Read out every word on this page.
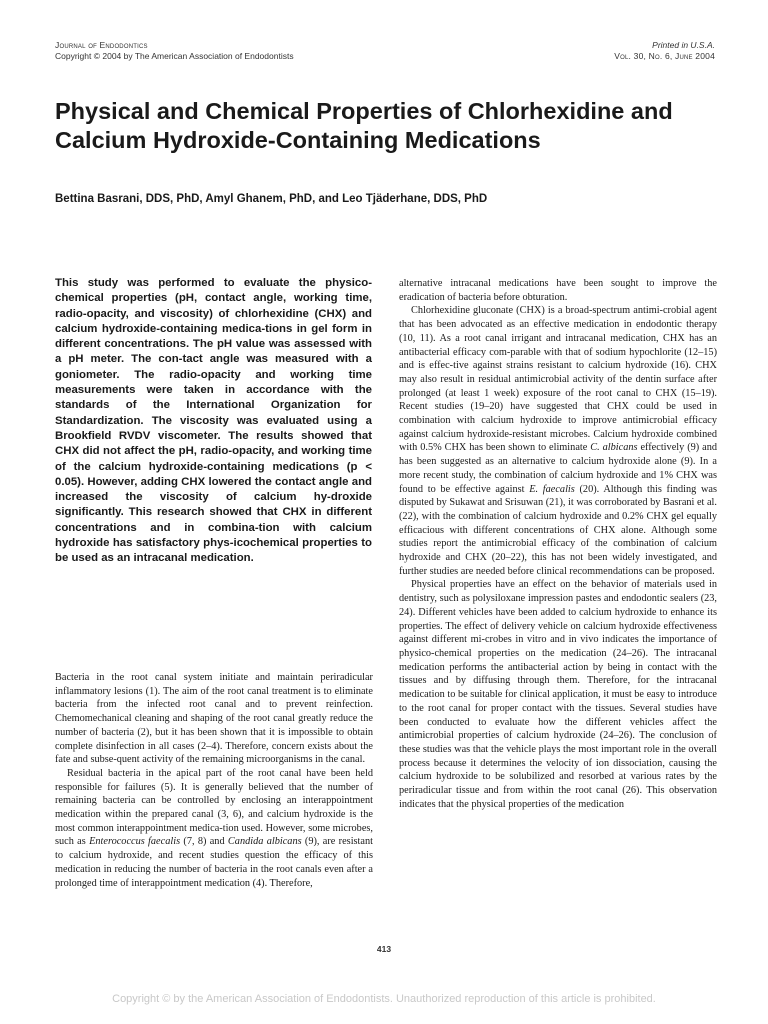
Journal of Endodontics
Copyright © 2004 by The American Association of Endodontists
Printed in U.S.A.
Vol. 30, No. 6, June 2004
Physical and Chemical Properties of Chlorhexidine and Calcium Hydroxide-Containing Medications
Bettina Basrani, DDS, PhD, Amyl Ghanem, PhD, and Leo Tjäderhane, DDS, PhD

This study was performed to evaluate the physico-chemical properties (pH, contact angle, working time, radio-opacity, and viscosity) of chlorhexidine (CHX) and calcium hydroxide-containing medica-tions in gel form in different concentrations. The pH value was assessed with a pH meter. The con-tact angle was measured with a goniometer. The radio-opacity and working time measurements were taken in accordance with the standards of the International Organization for Standardization. The viscosity was evaluated using a Brookfield RVDV viscometer. The results showed that CHX did not affect the pH, radio-opacity, and working time of the calcium hydroxide-containing medications (p < 0.05). However, adding CHX lowered the contact angle and increased the viscosity of calcium hy-droxide significantly. This research showed that CHX in different concentrations and in combina-tion with calcium hydroxide has satisfactory phys-icochemical properties to be used as an intracanal medication.

Bacteria in the root canal system initiate and maintain periradicular inflammatory lesions (1). The aim of the root canal treatment is to eliminate bacteria from the infected root canal and to prevent reinfection. Chemomechanical cleaning and shaping of the root canal greatly reduce the number of bacteria (2), but it has been shown that it is impossible to obtain complete disinfection in all cases (2–4). Therefore, concern exists about the fate and subse-quent activity of the remaining microorganisms in the canal.

Residual bacteria in the apical part of the root canal have been held responsible for failures (5). It is generally believed that the number of remaining bacteria can be controlled by enclosing an interappointment medication within the prepared canal (3, 6), and calcium hydroxide is the most common interappointment medica-tion used. However, some microbes, such as Enterococcus faecalis (7, 8) and Candida albicans (9), are resistant to calcium hydroxide, and recent studies question the efficacy of this medication in reducing the number of bacteria in the root canals even after a prolonged time of interappointment medication (4). Therefore,

alternative intracanal medications have been sought to improve the eradication of bacteria before obturation.

Chlorhexidine gluconate (CHX) is a broad-spectrum antimi-crobial agent that has been advocated as an effective medication in endodontic therapy (10, 11). As a root canal irrigant and intracanal medication, CHX has an antibacterial efficacy com-parable with that of sodium hypochlorite (12–15) and is effec-tive against strains resistant to calcium hydroxide (16). CHX may also result in residual antimicrobial activity of the dentin surface after prolonged (at least 1 week) exposure of the root canal to CHX (15–19). Recent studies (19–20) have suggested that CHX could be used in combination with calcium hydroxide to improve antimicrobial efficacy against calcium hydroxide-resistant microbes. Calcium hydroxide combined with 0.5% CHX has been shown to eliminate C. albicans effectively (9) and has been suggested as an alternative to calcium hydroxide alone (9). In a more recent study, the combination of calcium hydroxide and 1% CHX was found to be effective against E. faecalis (20). Although this finding was disputed by Sukawat and Srisuwan (21), it was corroborated by Basrani et al. (22), with the combination of calcium hydroxide and 0.2% CHX gel equally efficacious with different concentrations of CHX alone. Although some studies report the antimicrobial efficacy of the combination of calcium hydroxide and CHX (20–22), this has not been widely investigated, and further studies are needed before clinical recommendations can be proposed.

Physical properties have an effect on the behavior of materials used in dentistry, such as polysiloxane impression pastes and endodontic sealers (23, 24). Different vehicles have been added to calcium hydroxide to enhance its properties. The effect of delivery vehicle on calcium hydroxide effectiveness against different mi-crobes in vitro and in vivo indicates the importance of physico-chemical properties on the medication (24–26). The intracanal medication performs the antibacterial action by being in contact with the tissues and by diffusing through them. Therefore, for the intracanal medication to be suitable for clinical application, it must be easy to introduce to the root canal for proper contact with the tissues. Several studies have been conducted to evaluate how the different vehicles affect the antimicrobial properties of calcium hydroxide (24–26). The conclusion of these studies was that the vehicle plays the most important role in the overall process because it determines the velocity of ion dissociation, causing the calcium hydroxide to be solubilized and resorbed at various rates by the periradicular tissue and from within the root canal (26). This observation indicates that the physical properties of the medication

413
Copyright © by the American Association of Endodontists. Unauthorized reproduction of this article is prohibited.
